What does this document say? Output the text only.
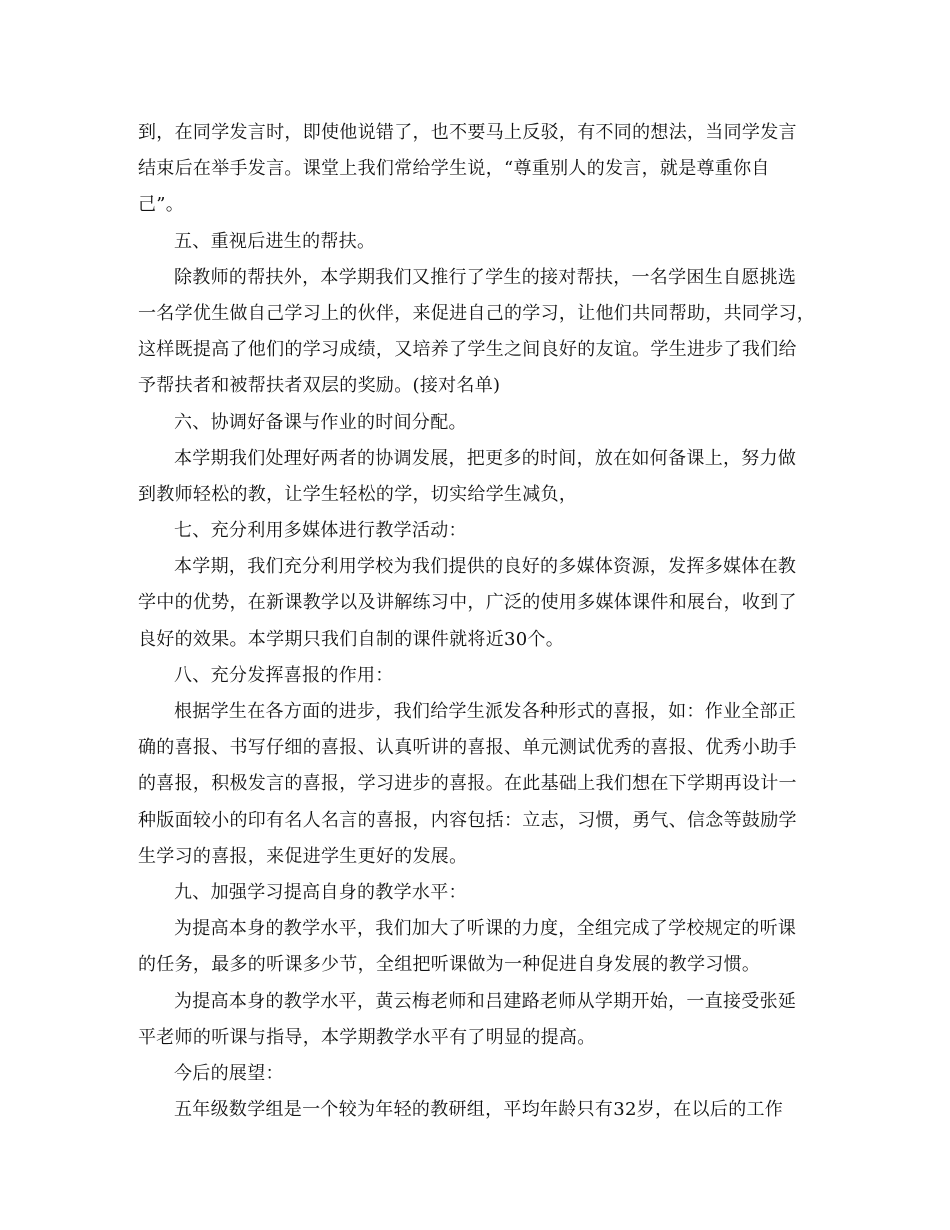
到，在同学发言时，即使他说错了，也不要马上反驳，有不同的想法，当同学发言
结束后在举手发言。课堂上我们常给学生说，“尊重别人的发言，就是尊重你自
己”。
五、重视后进生的帮扶。
除教师的帮扶外，本学期我们又推行了学生的接对帮扶，一名学困生自愿挑选
一名学优生做自己学习上的伙伴，来促进自己的学习，让他们共同帮助，共同学习，
这样既提高了他们的学习成绩，又培养了学生之间良好的友谊。学生进步了我们给
予帮扶者和被帮扶者双层的奖励。(接对名单)
六、协调好备课与作业的时间分配。
本学期我们处理好两者的协调发展，把更多的时间，放在如何备课上，努力做
到教师轻松的教，让学生轻松的学，切实给学生减负，
七、充分利用多媒体进行教学活动：
本学期，我们充分利用学校为我们提供的良好的多媒体资源，发挥多媒体在教
学中的优势，在新课教学以及讲解练习中，广泛的使用多媒体课件和展台，收到了
良好的效果。本学期只我们自制的课件就将近30个。
八、充分发挥喜报的作用：
根据学生在各方面的进步，我们给学生派发各种形式的喜报，如：作业全部正
确的喜报、书写仔细的喜报、认真听讲的喜报、单元测试优秀的喜报、优秀小助手
的喜报，积极发言的喜报，学习进步的喜报。在此基础上我们想在下学期再设计一
种版面较小的印有名人名言的喜报，内容包括：立志，习惯，勇气、信念等鼓励学
生学习的喜报，来促进学生更好的发展。
九、加强学习提高自身的教学水平：
为提高本身的教学水平，我们加大了听课的力度，全组完成了学校规定的听课
的任务，最多的听课多少节，全组把听课做为一种促进自身发展的教学习惯。
为提高本身的教学水平，黄云梅老师和吕建路老师从学期开始，一直接受张延
平老师的听课与指导，本学期教学水平有了明显的提高。
今后的展望：
五年级数学组是一个较为年轻的教研组，平均年龄只有32岁，在以后的工作
